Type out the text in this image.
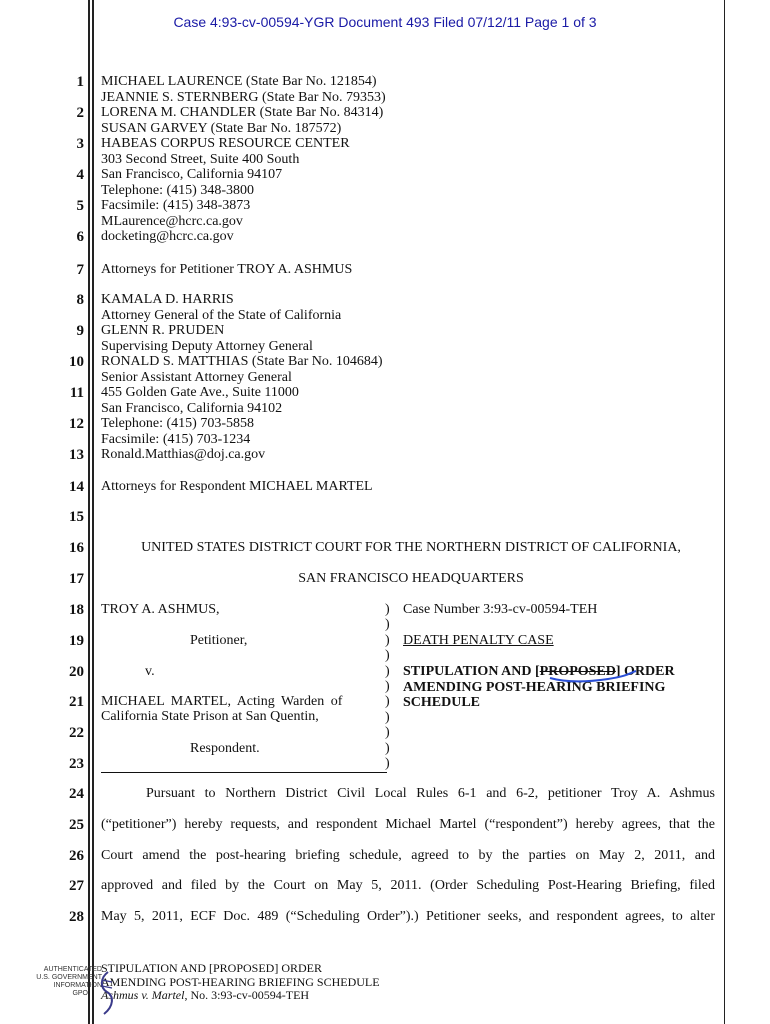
Case 4:93-cv-00594-YGR Document 493 Filed 07/12/11 Page 1 of 3
1
2
3
4
5
6
7
8
9
10
11
12
13
14
15
16
17
18
19
20
21
22
23
24
25
26
27
28
MICHAEL LAURENCE (State Bar No. 121854)
JEANNIE S. STERNBERG (State Bar No. 79353)
LORENA M. CHANDLER (State Bar No. 84314)
SUSAN GARVEY (State Bar No. 187572)
HABEAS CORPUS RESOURCE CENTER
303 Second Street, Suite 400 South
San Francisco, California 94107
Telephone: (415) 348-3800
Facsimile: (415) 348-3873
MLaurence@hcrc.ca.gov
docketing@hcrc.ca.gov
Attorneys for Petitioner TROY A. ASHMUS
KAMALA D. HARRIS
Attorney General of the State of California
GLENN R. PRUDEN
Supervising Deputy Attorney General
RONALD S. MATTHIAS (State Bar No. 104684)
Senior Assistant Attorney General
455 Golden Gate Ave., Suite 11000
San Francisco, California 94102
Telephone: (415) 703-5858
Facsimile: (415) 703-1234
Ronald.Matthias@doj.ca.gov
Attorneys for Respondent MICHAEL MARTEL
UNITED STATES DISTRICT COURT FOR THE NORTHERN DISTRICT OF CALIFORNIA,
SAN FRANCISCO HEADQUARTERS
TROY A. ASHMUS,
Petitioner,
v.
MICHAEL MARTEL, Acting Warden of
California State Prison at San Quentin,
Respondent.
)
)
)
)
)
)
)
)
)
)
)
Case Number 3:93-cv-00594-TEH
DEATH PENALTY CASE
STIPULATION AND [PROPOSED] ORDER
AMENDING POST-HEARING BRIEFING
SCHEDULE
Pursuant to Northern District Civil Local Rules 6-1 and 6-2, petitioner Troy A. Ashmus
(“petitioner”) hereby requests, and respondent Michael Martel (“respondent”) hereby agrees, that the
Court amend the post-hearing briefing schedule, agreed to by the parties on May 2, 2011, and
approved and filed by the Court on May 5, 2011. (Order Scheduling Post-Hearing Briefing, filed
May 5, 2011, ECF Doc. 489 (“Scheduling Order”).) Petitioner seeks, and respondent agrees, to alter
STIPULATION AND [PROPOSED] ORDER
AMENDING POST-HEARING BRIEFING SCHEDULE
Ashmus v. Martel, No. 3:93-cv-00594-TEH
AUTHENTICATED
U.S. GOVERNMENT
INFORMATION
GPO
